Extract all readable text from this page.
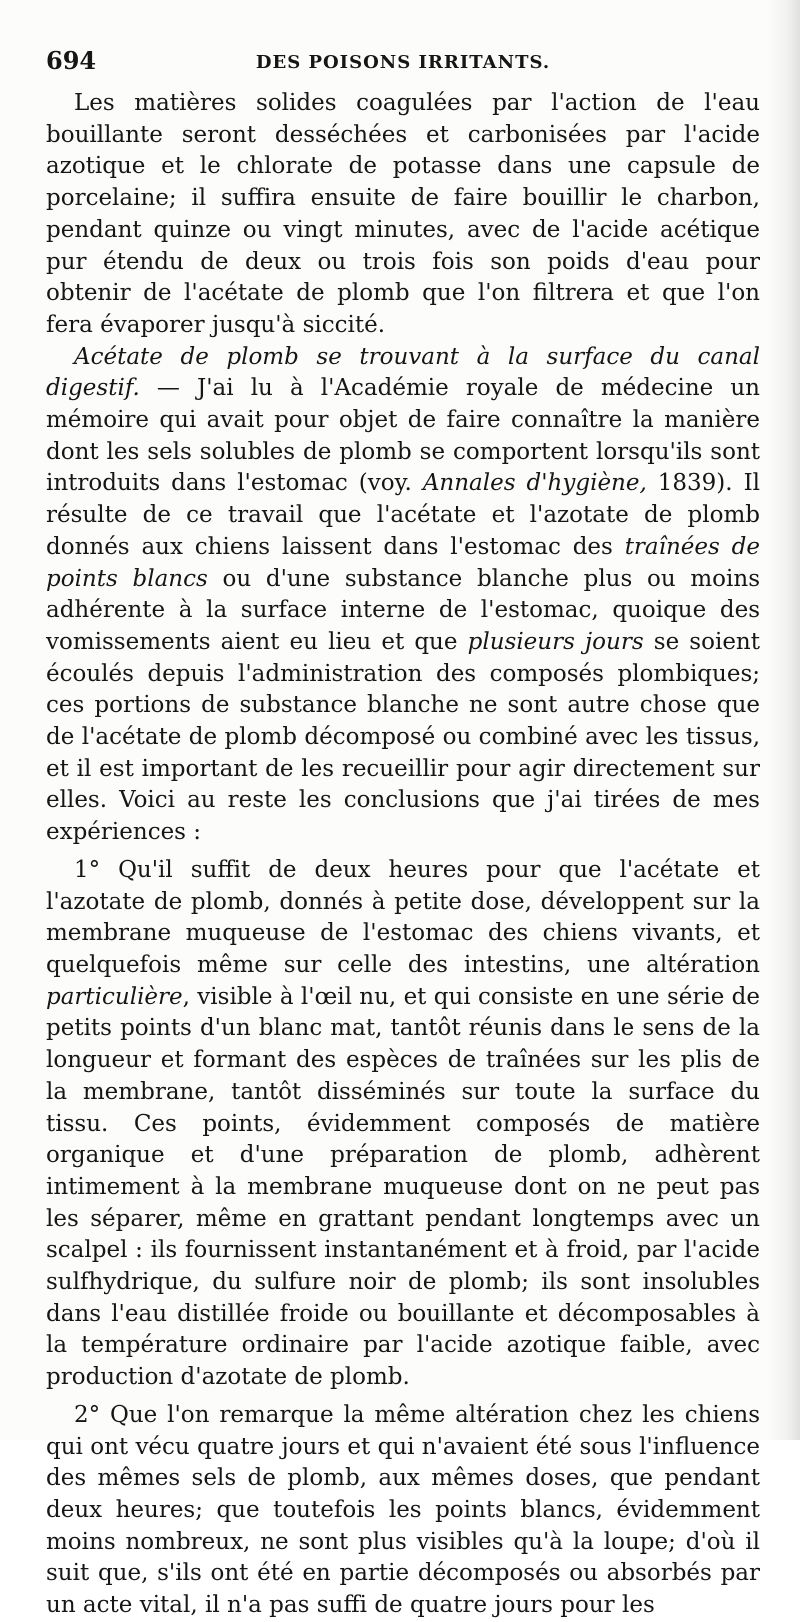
694	DES POISONS IRRITANTS.

Les matières solides coagulées par l'action de l'eau bouillante seront desséchées et carbonisées par l'acide azotique et le chlorate de potasse dans une capsule de porcelaine; il suffira ensuite de faire bouillir le charbon, pendant quinze ou vingt minutes, avec de l'acide acétique pur étendu de deux ou trois fois son poids d'eau pour obtenir de l'acétate de plomb que l'on filtrera et que l'on fera évaporer jusqu'à siccité.

Acétate de plomb se trouvant à la surface du canal digestif. — J'ai lu à l'Académie royale de médecine un mémoire qui avait pour objet de faire connaître la manière dont les sels solubles de plomb se comportent lorsqu'ils sont introduits dans l'estomac (voy. Annales d'hygiène, 1839). Il résulte de ce travail que l'acétate et l'azotate de plomb donnés aux chiens laissent dans l'estomac des traînées de points blancs ou d'une substance blanche plus ou moins adhérente à la surface interne de l'estomac, quoique des vomissements aient eu lieu et que plusieurs jours se soient écoulés depuis l'administration des composés plombiques; ces portions de substance blanche ne sont autre chose que de l'acétate de plomb décomposé ou combiné avec les tissus, et il est important de les recueillir pour agir directement sur elles. Voici au reste les conclusions que j'ai tirées de mes expériences :

1° Qu'il suffit de deux heures pour que l'acétate et l'azotate de plomb, donnés à petite dose, développent sur la membrane muqueuse de l'estomac des chiens vivants, et quelquefois même sur celle des intestins, une altération particulière, visible à l'œil nu, et qui consiste en une série de petits points d'un blanc mat, tantôt réunis dans le sens de la longueur et formant des espèces de traînées sur les plis de la membrane, tantôt disséminés sur toute la surface du tissu. Ces points, évidemment composés de matière organique et d'une préparation de plomb, adhèrent intimement à la membrane muqueuse dont on ne peut pas les séparer, même en grattant pendant longtemps avec un scalpel : ils fournissent instantanément et à froid, par l'acide sulfhydrique, du sulfure noir de plomb; ils sont insolubles dans l'eau distillée froide ou bouillante et décomposables à la température ordinaire par l'acide azotique faible, avec production d'azotate de plomb.

2° Que l'on remarque la même altération chez les chiens qui ont vécu quatre jours et qui n'avaient été sous l'influence des mêmes sels de plomb, aux mêmes doses, que pendant deux heures; que toutefois les points blancs, évidemment moins nombreux, ne sont plus visibles qu'à la loupe; d'où il suit que, s'ils ont été en partie décomposés ou absorbés par un acte vital, il n'a pas suffi de quatre jours pour les
